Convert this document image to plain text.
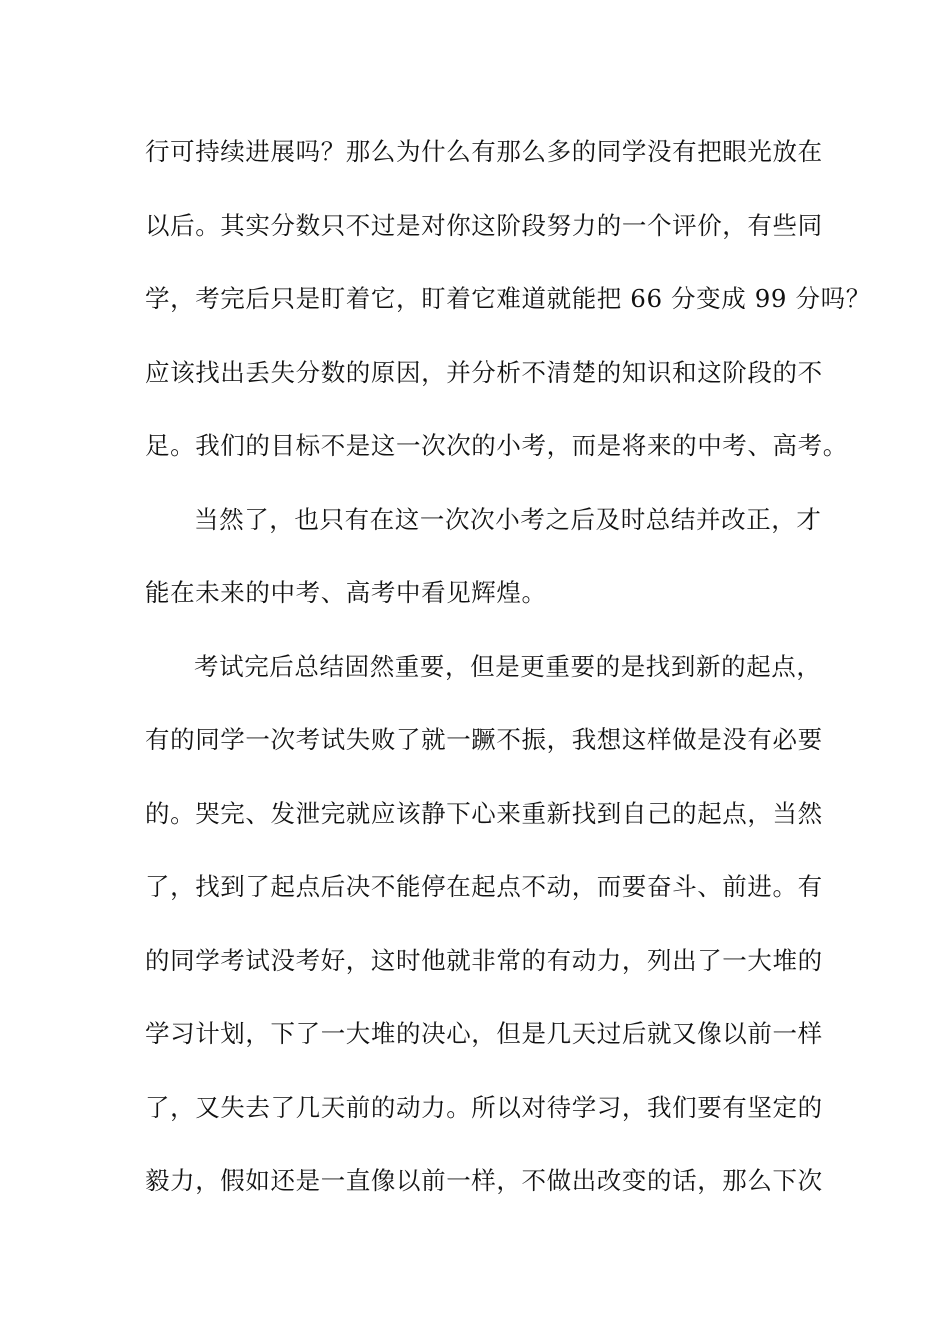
行可持续进展吗？那么为什么有那么多的同学没有把眼光放在
以后。其实分数只不过是对你这阶段努力的一个评价，有些同
学，考完后只是盯着它，盯着它难道就能把 66 分变成 99 分吗？
应该找出丢失分数的原因，并分析不清楚的知识和这阶段的不
足。我们的目标不是这一次次的小考，而是将来的中考、高考。
当然了，也只有在这一次次小考之后及时总结并改正，才
能在未来的中考、高考中看见辉煌。
考试完后总结固然重要，但是更重要的是找到新的起点，
有的同学一次考试失败了就一蹶不振，我想这样做是没有必要
的。哭完、发泄完就应该静下心来重新找到自己的起点，当然
了，找到了起点后决不能停在起点不动，而要奋斗、前进。有
的同学考试没考好，这时他就非常的有动力，列出了一大堆的
学习计划，下了一大堆的决心，但是几天过后就又像以前一样
了，又失去了几天前的动力。所以对待学习，我们要有坚定的
毅力，假如还是一直像以前一样，不做出改变的话，那么下次
